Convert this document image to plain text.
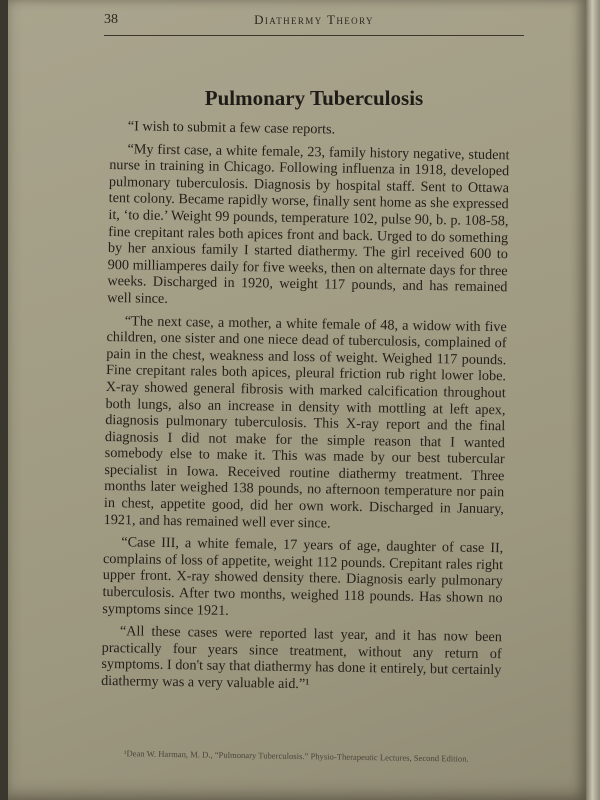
38	Diathermy Theory
Pulmonary Tuberculosis

“I wish to submit a few case reports.

“My first case, a white female, 23, family history negative, student nurse in training in Chicago. Following influenza in 1918, developed pulmonary tuberculosis. Diagnosis by hospital staff. Sent to Ottawa tent colony. Became rapidly worse, finally sent home as she expressed it, ‘to die.’ Weight 99 pounds, temperature 102, pulse 90, b. p. 108-58, fine crepitant rales both apices front and back. Urged to do something by her anxious family I started diathermy. The girl received 600 to 900 milliamperes daily for five weeks, then on alternate days for three weeks. Discharged in 1920, weight 117 pounds, and has remained well since.

“The next case, a mother, a white female of 48, a widow with five children, one sister and one niece dead of tuberculosis, complained of pain in the chest, weakness and loss of weight. Weighed 117 pounds. Fine crepitant rales both apices, pleural friction rub right lower lobe. X-ray showed general fibrosis with marked calcification throughout both lungs, also an increase in density with mottling at left apex, diagnosis pulmonary tuberculosis. This X-ray report and the final diagnosis I did not make for the simple reason that I wanted somebody else to make it. This was made by our best tubercular specialist in Iowa. Received routine diathermy treatment. Three months later weighed 138 pounds, no afternoon temperature nor pain in chest, appetite good, did her own work. Discharged in January, 1921, and has remained well ever since.

“Case III, a white female, 17 years of age, daughter of case II, complains of loss of appetite, weight 112 pounds. Crepitant rales right upper front. X-ray showed density there. Diagnosis early pulmonary tuberculosis. After two months, weighed 118 pounds. Has shown no symptoms since 1921.

“All these cases were reported last year, and it has now been practically four years since treatment, without any return of symptoms. I don't say that diathermy has done it entirely, but certainly diathermy was a very valuable aid.”¹

¹Dean W. Harman, M. D., “Pulmonary Tuberculosis.” Physio-Therapeutic Lectures, Second Edition.
